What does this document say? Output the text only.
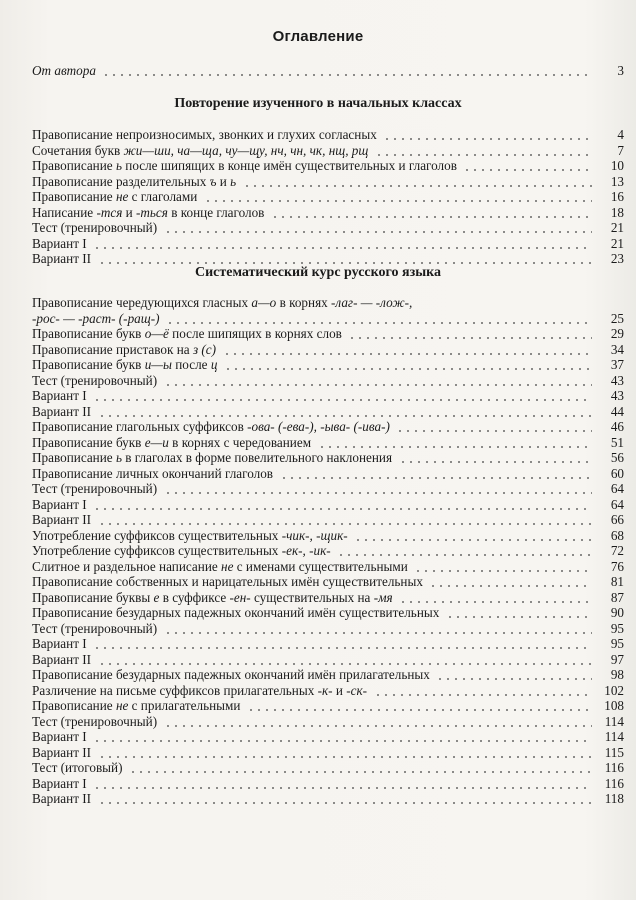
Оглавление
От автора	3
Повторение изученного в начальных классах
Правописание непроизносимых, звонких и глухих согласных	4
Сочетания букв жи—ши, ча—ща, чу—щу, нч, чн, чк, нщ, рщ	7
Правописание ь после шипящих в конце имён существительных и глаголов	10
Правописание разделительных ъ и ь	13
Правописание не с глаголами	16
Написание -тся и -ться в конце глаголов	18
Тест (тренировочный)	21
Вариант I	21
Вариант II	23
Систематический курс русского языка
Правописание чередующихся гласных а—о в корнях -лаг- — -лож-,
-рос- — -раст- (-ращ-)	25
Правописание букв о—ё после шипящих в корнях слов	29
Правописание приставок на з (с)	34
Правописание букв и—ы после ц	37
Тест (тренировочный)	43
Вариант I	43
Вариант II	44
Правописание глагольных суффиксов -ова- (-ева-), -ыва- (-ива-)	46
Правописание букв е—и в корнях с чередованием	51
Правописание ь в глаголах в форме повелительного наклонения	56
Правописание личных окончаний глаголов	60
Тест (тренировочный)	64
Вариант I	64
Вариант II	66
Употребление суффиксов существительных -чик-, -щик-	68
Употребление суффиксов существительных -ек-, -ик-	72
Слитное и раздельное написание не с именами существительными	76
Правописание собственных и нарицательных имён существительных	81
Правописание буквы е в суффиксе -ен- существительных на -мя	87
Правописание безударных падежных окончаний имён существительных	90
Тест (тренировочный)	95
Вариант I	95
Вариант II	97
Правописание безударных падежных окончаний имён прилагательных	98
Различение на письме суффиксов прилагательных -к- и -ск-	102
Правописание не с прилагательными	108
Тест (тренировочный)	114
Вариант I	114
Вариант II	115
Тест (итоговый)	116
Вариант I	116
Вариант II	118
